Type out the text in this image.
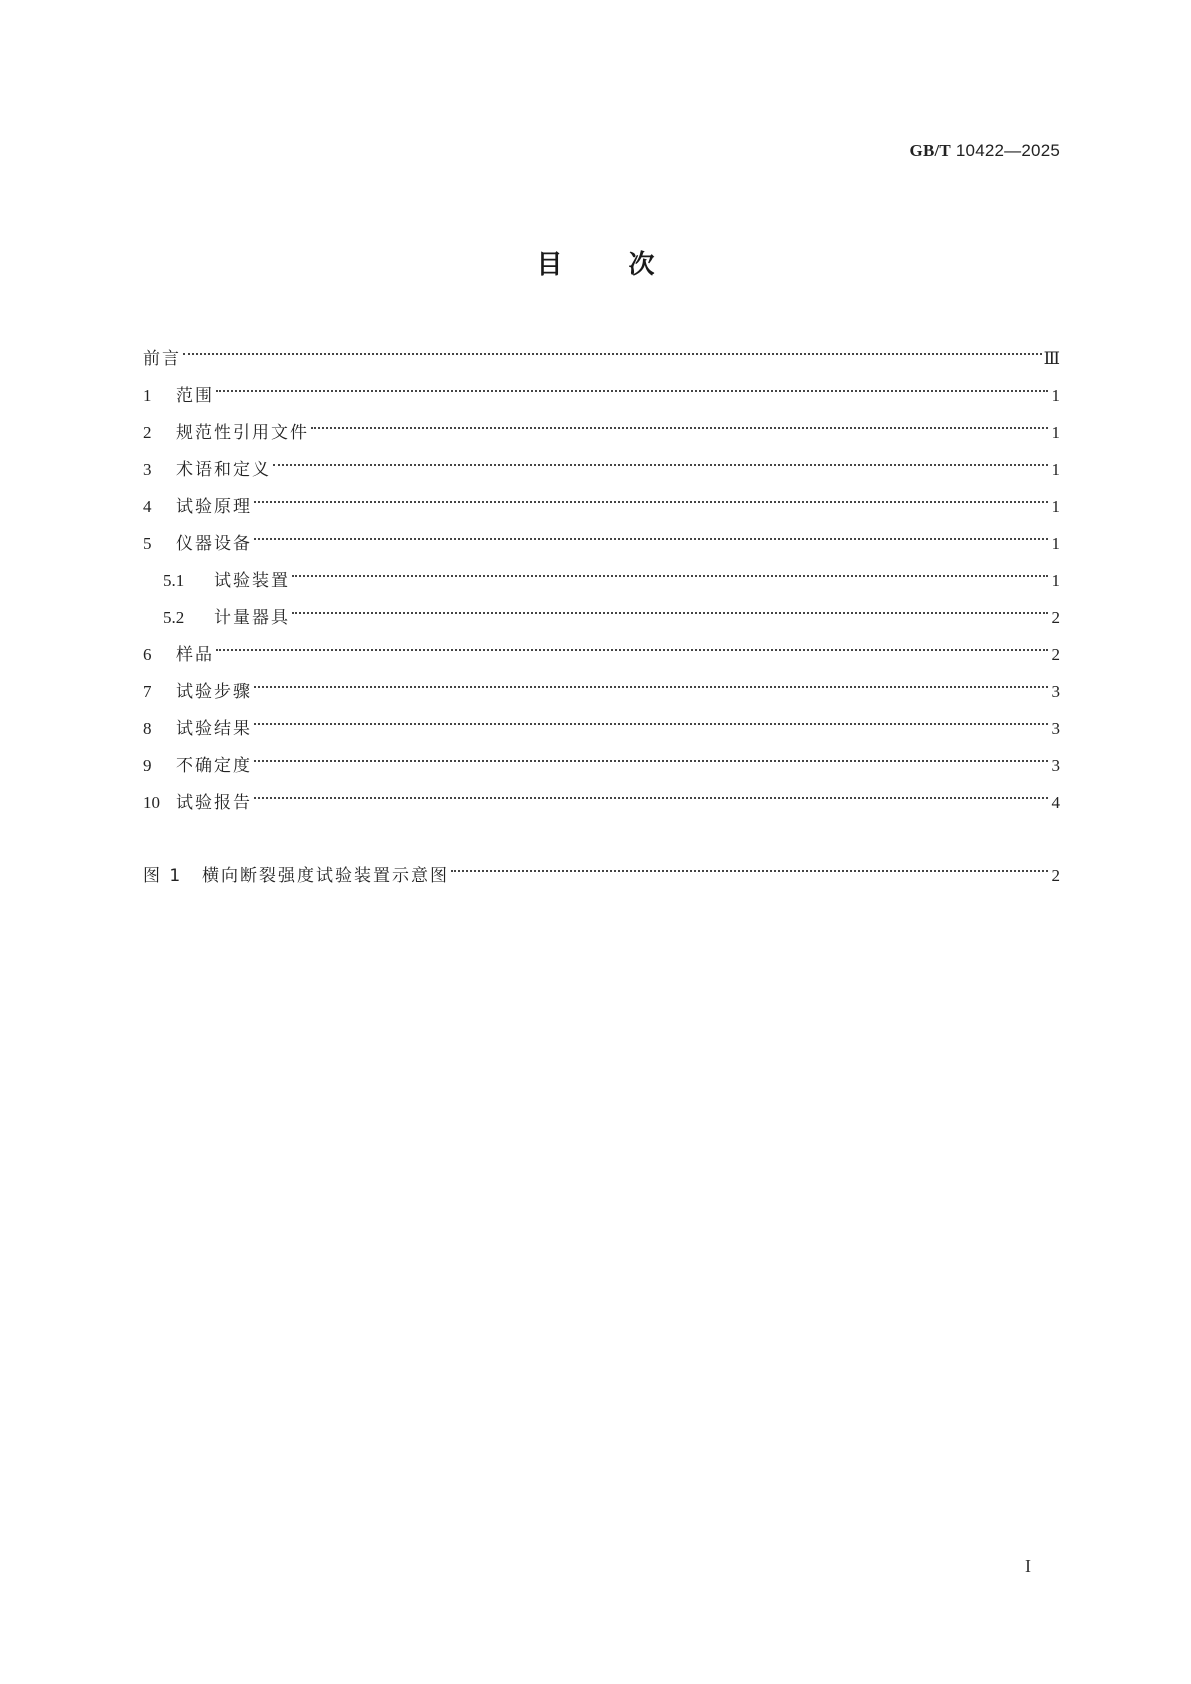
GB/T 10422—2025
目次
前言	Ⅲ
1	范围	1
2	规范性引用文件	1
3	术语和定义	1
4	试验原理	1
5	仪器设备	1
5.1	试验装置	1
5.2	计量器具	2
6	样品	2
7	试验步骤	3
8	试验结果	3
9	不确定度	3
10 试验报告	4
图 1	横向断裂强度试验装置示意图	2
I
